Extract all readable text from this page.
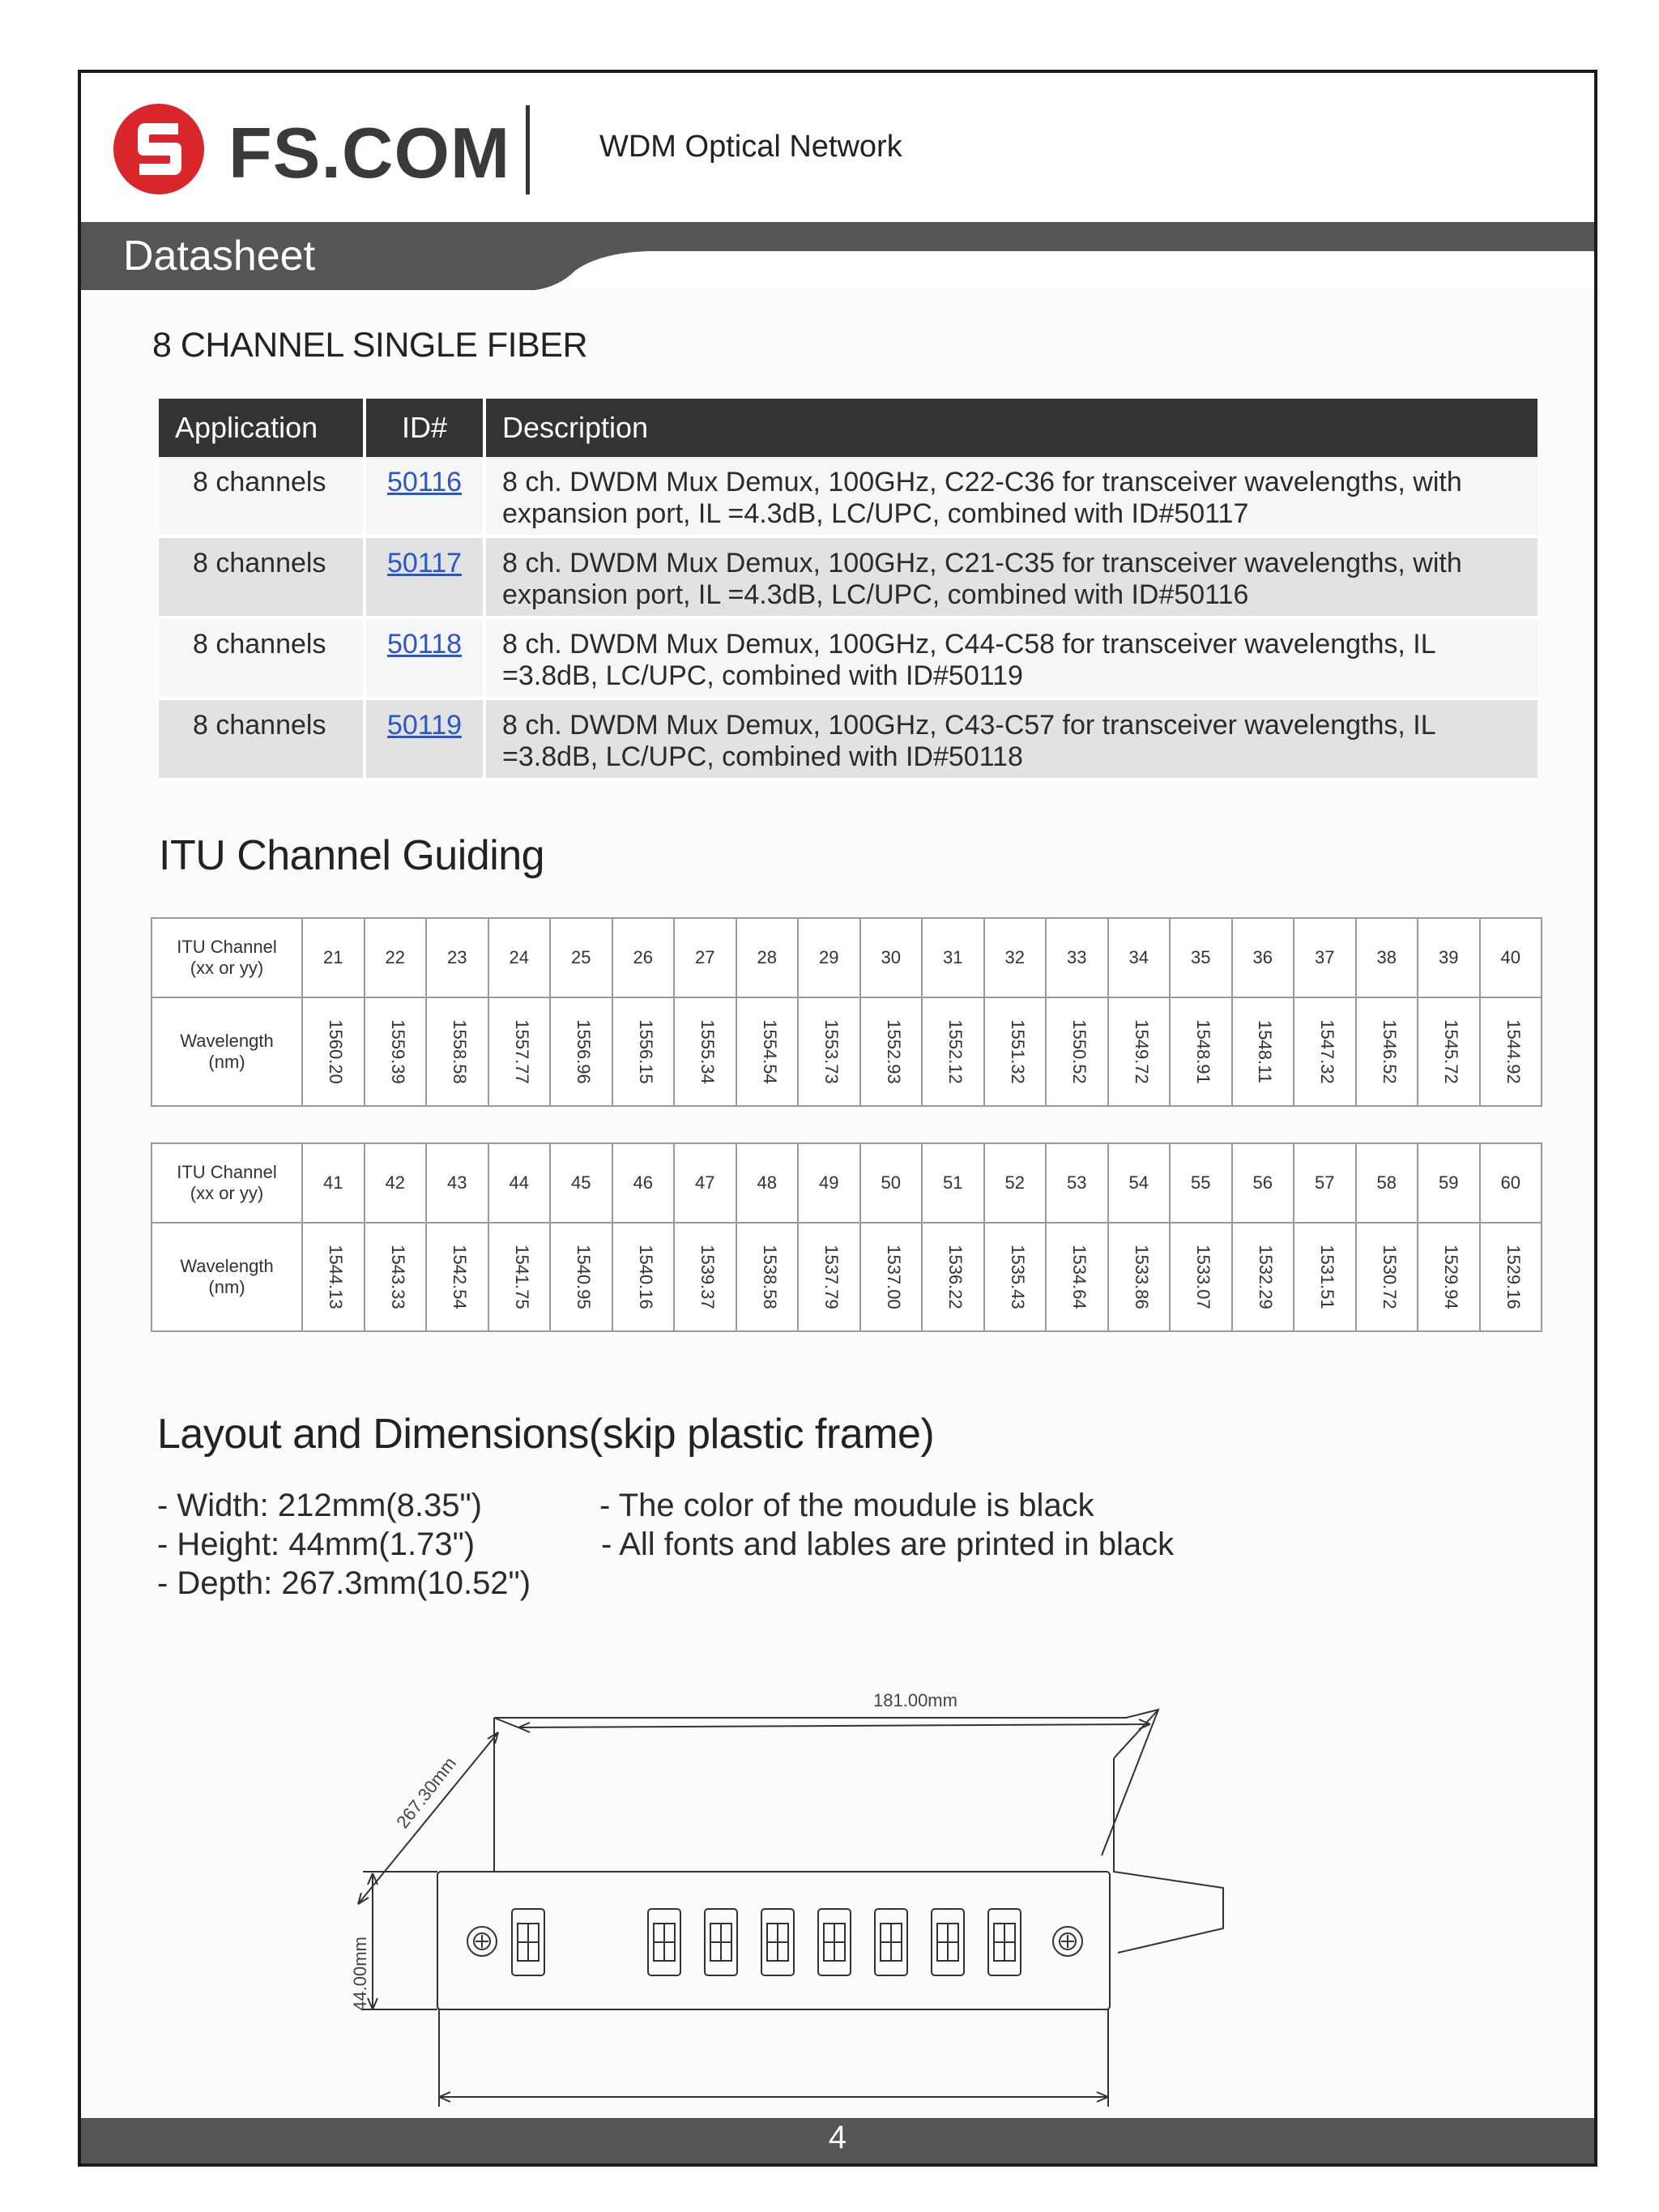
FS.COM	WDM Optical Network
Datasheet
8 CHANNEL SINGLE FIBER
Application	ID#	Description
8 channels	50116	8 ch. DWDM Mux Demux, 100GHz, C22-C36 for transceiver wavelengths, with expansion port, IL =4.3dB, LC/UPC, combined with ID#50117
8 channels	50117	8 ch. DWDM Mux Demux, 100GHz, C21-C35 for transceiver wavelengths, with expansion port, IL =4.3dB, LC/UPC, combined with ID#50116
8 channels	50118	8 ch. DWDM Mux Demux, 100GHz, C44-C58 for transceiver wavelengths, IL =3.8dB, LC/UPC, combined with ID#50119
8 channels	50119	8 ch. DWDM Mux Demux, 100GHz, C43-C57 for transceiver wavelengths, IL =3.8dB, LC/UPC, combined with ID#50118
ITU Channel Guiding
ITU Channel
(xx or yy)	21	22	23	24	25	26	27	28	29	30	31	32	33	34	35	36	37	38	39	40
Wavelength
(nm)	1560.20	1559.39	1558.58	1557.77	1556.96	1556.15	1555.34	1554.54	1553.73	1552.93	1552.12	1551.32	1550.52	1549.72	1548.91	1548.11	1547.32	1546.52	1545.72	1544.92
ITU Channel
(xx or yy)	41	42	43	44	45	46	47	48	49	50	51	52	53	54	55	56	57	58	59	60
Wavelength
(nm)	1544.13	1543.33	1542.54	1541.75	1540.95	1540.16	1539.37	1538.58	1537.79	1537.00	1536.22	1535.43	1534.64	1533.86	1533.07	1532.29	1531.51	1530.72	1529.94	1529.16
Layout and Dimensions(skip plastic frame)
- Width: 212mm(8.35")
- Height: 44mm(1.73")
- Depth: 267.3mm(10.52")
- The color of the moudule is black
- All fonts and lables are printed in black
181.00mm
267.30mm
44.00mm
4
